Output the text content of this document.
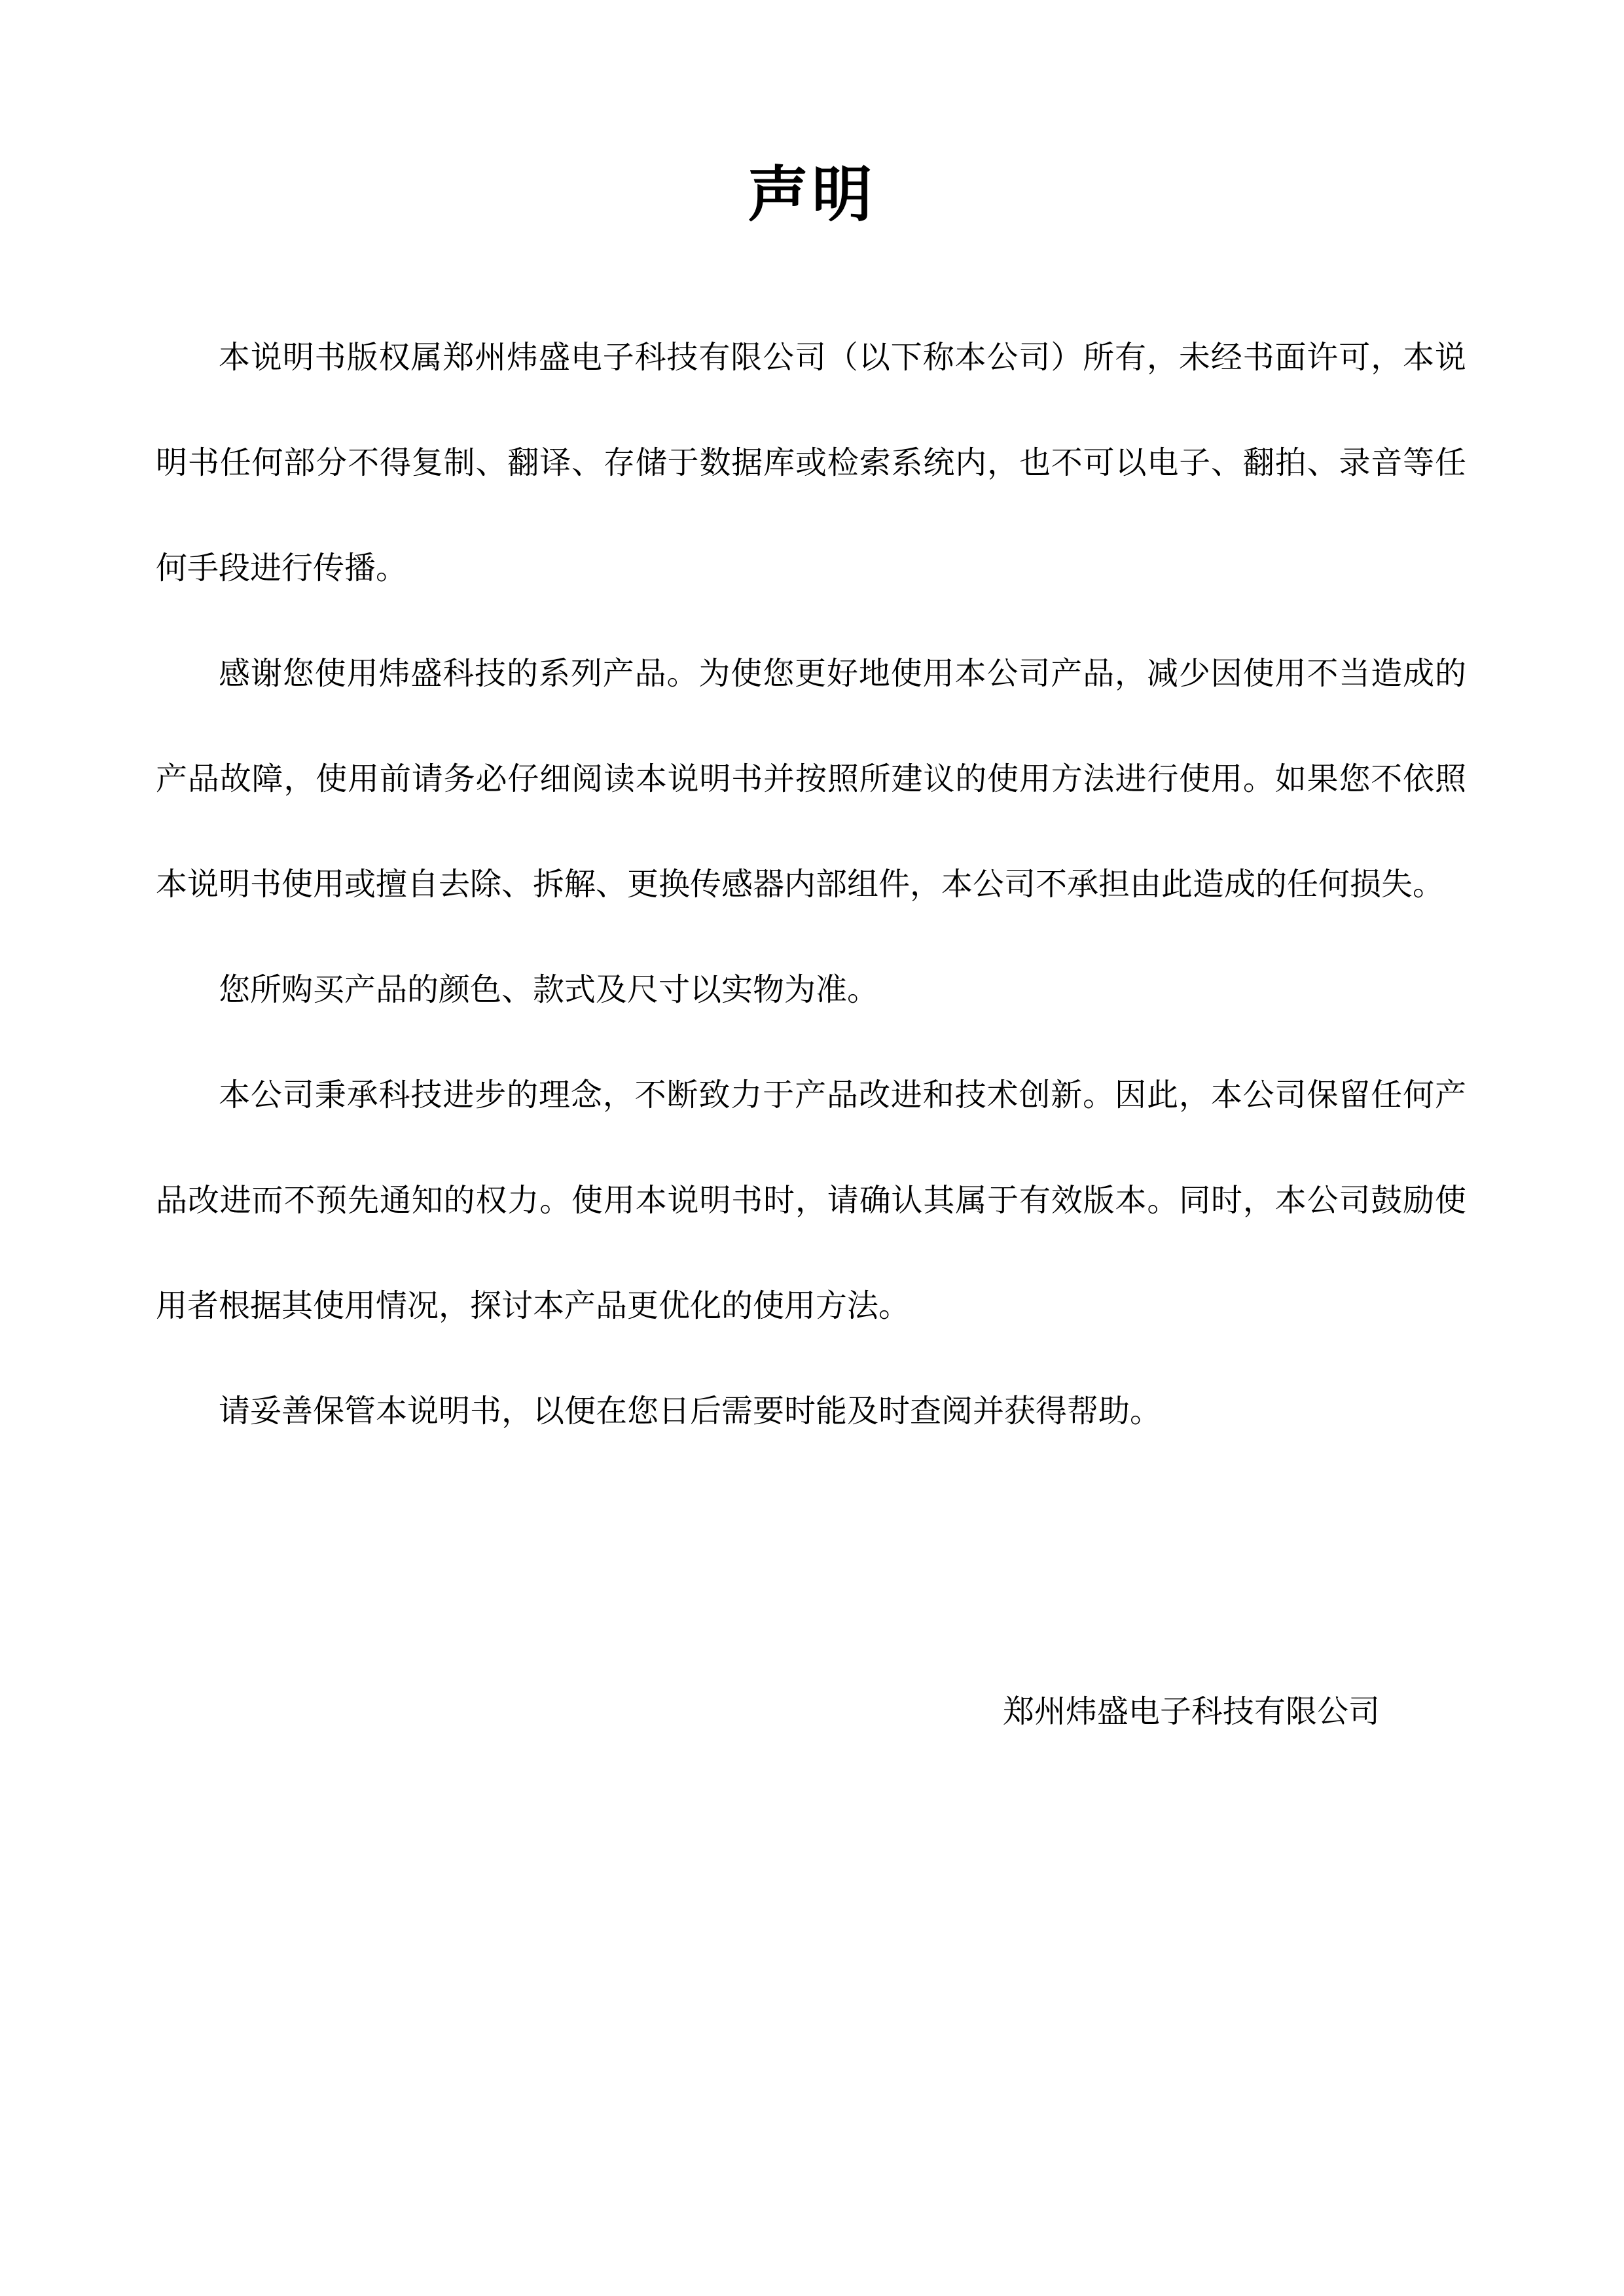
声明

本说明书版权属郑州炜盛电子科技有限公司（以下称本公司）所有，未经书面许可，本说明书任何部分不得复制、翻译、存储于数据库或检索系统内，也不可以电子、翻拍、录音等任何手段进行传播。

感谢您使用炜盛科技的系列产品。为使您更好地使用本公司产品，减少因使用不当造成的产品故障，使用前请务必仔细阅读本说明书并按照所建议的使用方法进行使用。如果您不依照本说明书使用或擅自去除、拆解、更换传感器内部组件，本公司不承担由此造成的任何损失。

您所购买产品的颜色、款式及尺寸以实物为准。

本公司秉承科技进步的理念，不断致力于产品改进和技术创新。因此，本公司保留任何产品改进而不预先通知的权力。使用本说明书时，请确认其属于有效版本。同时，本公司鼓励使用者根据其使用情况，探讨本产品更优化的使用方法。

请妥善保管本说明书，以便在您日后需要时能及时查阅并获得帮助。

郑州炜盛电子科技有限公司
